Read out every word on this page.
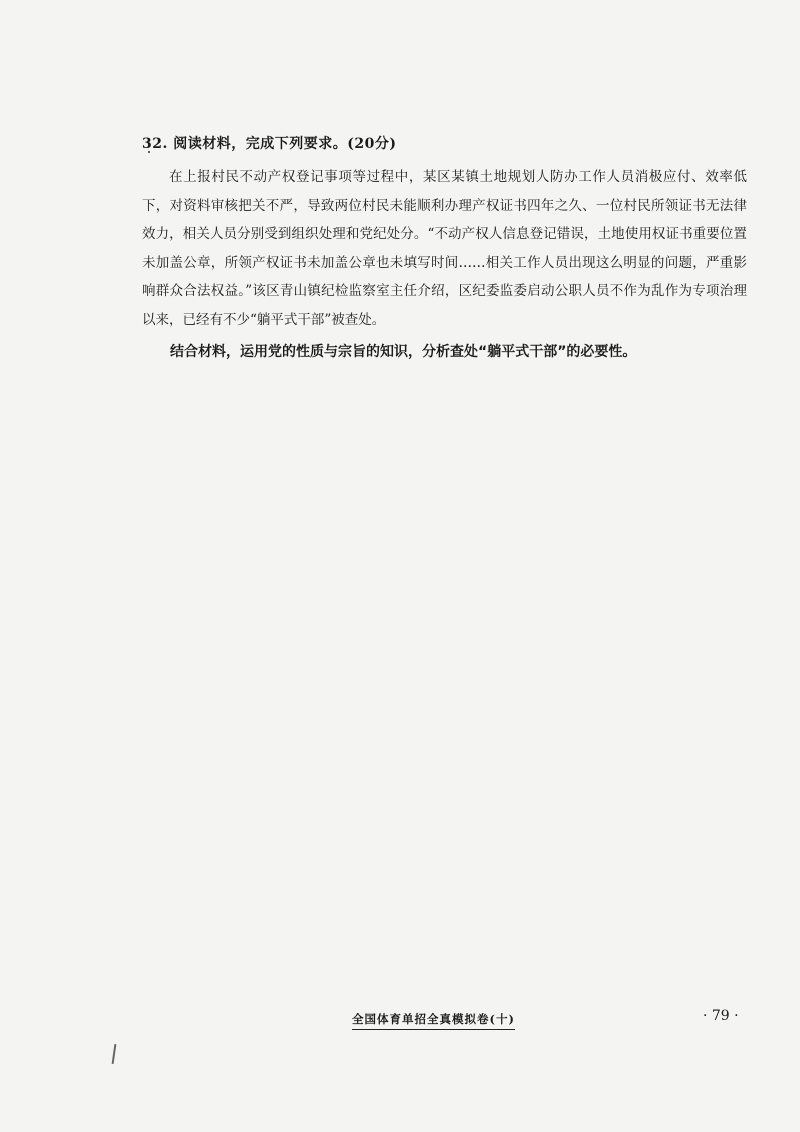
32. 阅读材料，完成下列要求。(20分)

在上报村民不动产权登记事项等过程中，某区某镇土地规划人防办工作人员消极应付、效率低下，对资料审核把关不严，导致两位村民未能顺利办理产权证书四年之久、一位村民所领证书无法律效力，相关人员分别受到组织处理和党纪处分。“不动产权人信息登记错误，土地使用权证书重要位置未加盖公章，所领产权证书未加盖公章也未填写时间……相关工作人员出现这么明显的问题，严重影响群众合法权益。”该区青山镇纪检监察室主任介绍，区纪委监委启动公职人员不作为乱作为专项治理以来，已经有不少“躺平式干部”被查处。

结合材料，运用党的性质与宗旨的知识，分析查处“躺平式干部”的必要性。

全国体育单招全真模拟卷(十)	· 79 ·
